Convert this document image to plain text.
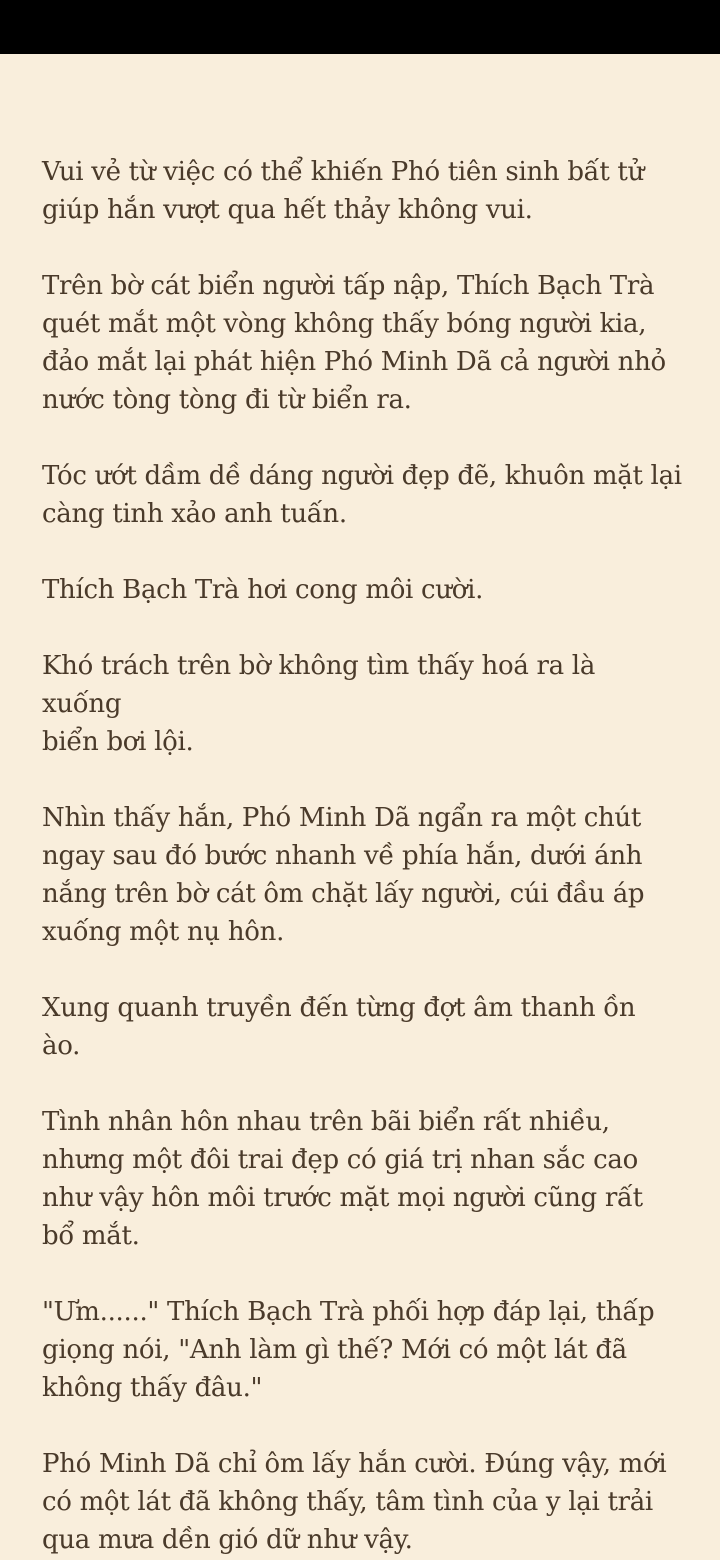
Vui vẻ từ việc có thể khiến Phó tiên sinh bất tử
giúp hắn vượt qua hết thảy không vui.

Trên bờ cát biển người tấp nập, Thích Bạch Trà
quét mắt một vòng không thấy bóng người kia,
đảo mắt lại phát hiện Phó Minh Dã cả người nhỏ
nước tòng tòng đi từ biển ra.

Tóc ướt dầm dề dáng người đẹp đẽ, khuôn mặt lại
càng tinh xảo anh tuấn.

Thích Bạch Trà hơi cong môi cười.

Khó trách trên bờ không tìm thấy hoá ra là xuống
biển bơi lội.

Nhìn thấy hắn, Phó Minh Dã ngẩn ra một chút
ngay sau đó bước nhanh về phía hắn, dưới ánh
nắng trên bờ cát ôm chặt lấy người, cúi đầu áp
xuống một nụ hôn.

Xung quanh truyền đến từng đợt âm thanh ồn
ào.

Tình nhân hôn nhau trên bãi biển rất nhiều,
nhưng một đôi trai đẹp có giá trị nhan sắc cao
như vậy hôn môi trước mặt mọi người cũng rất
bổ mắt.

"Ưm......" Thích Bạch Trà phối hợp đáp lại, thấp
giọng nói, "Anh làm gì thế? Mới có một lát đã
không thấy đâu."

Phó Minh Dã chỉ ôm lấy hắn cười. Đúng vậy, mới
có một lát đã không thấy, tâm tình của y lại trải
qua mưa dền gió dữ như vậy.
